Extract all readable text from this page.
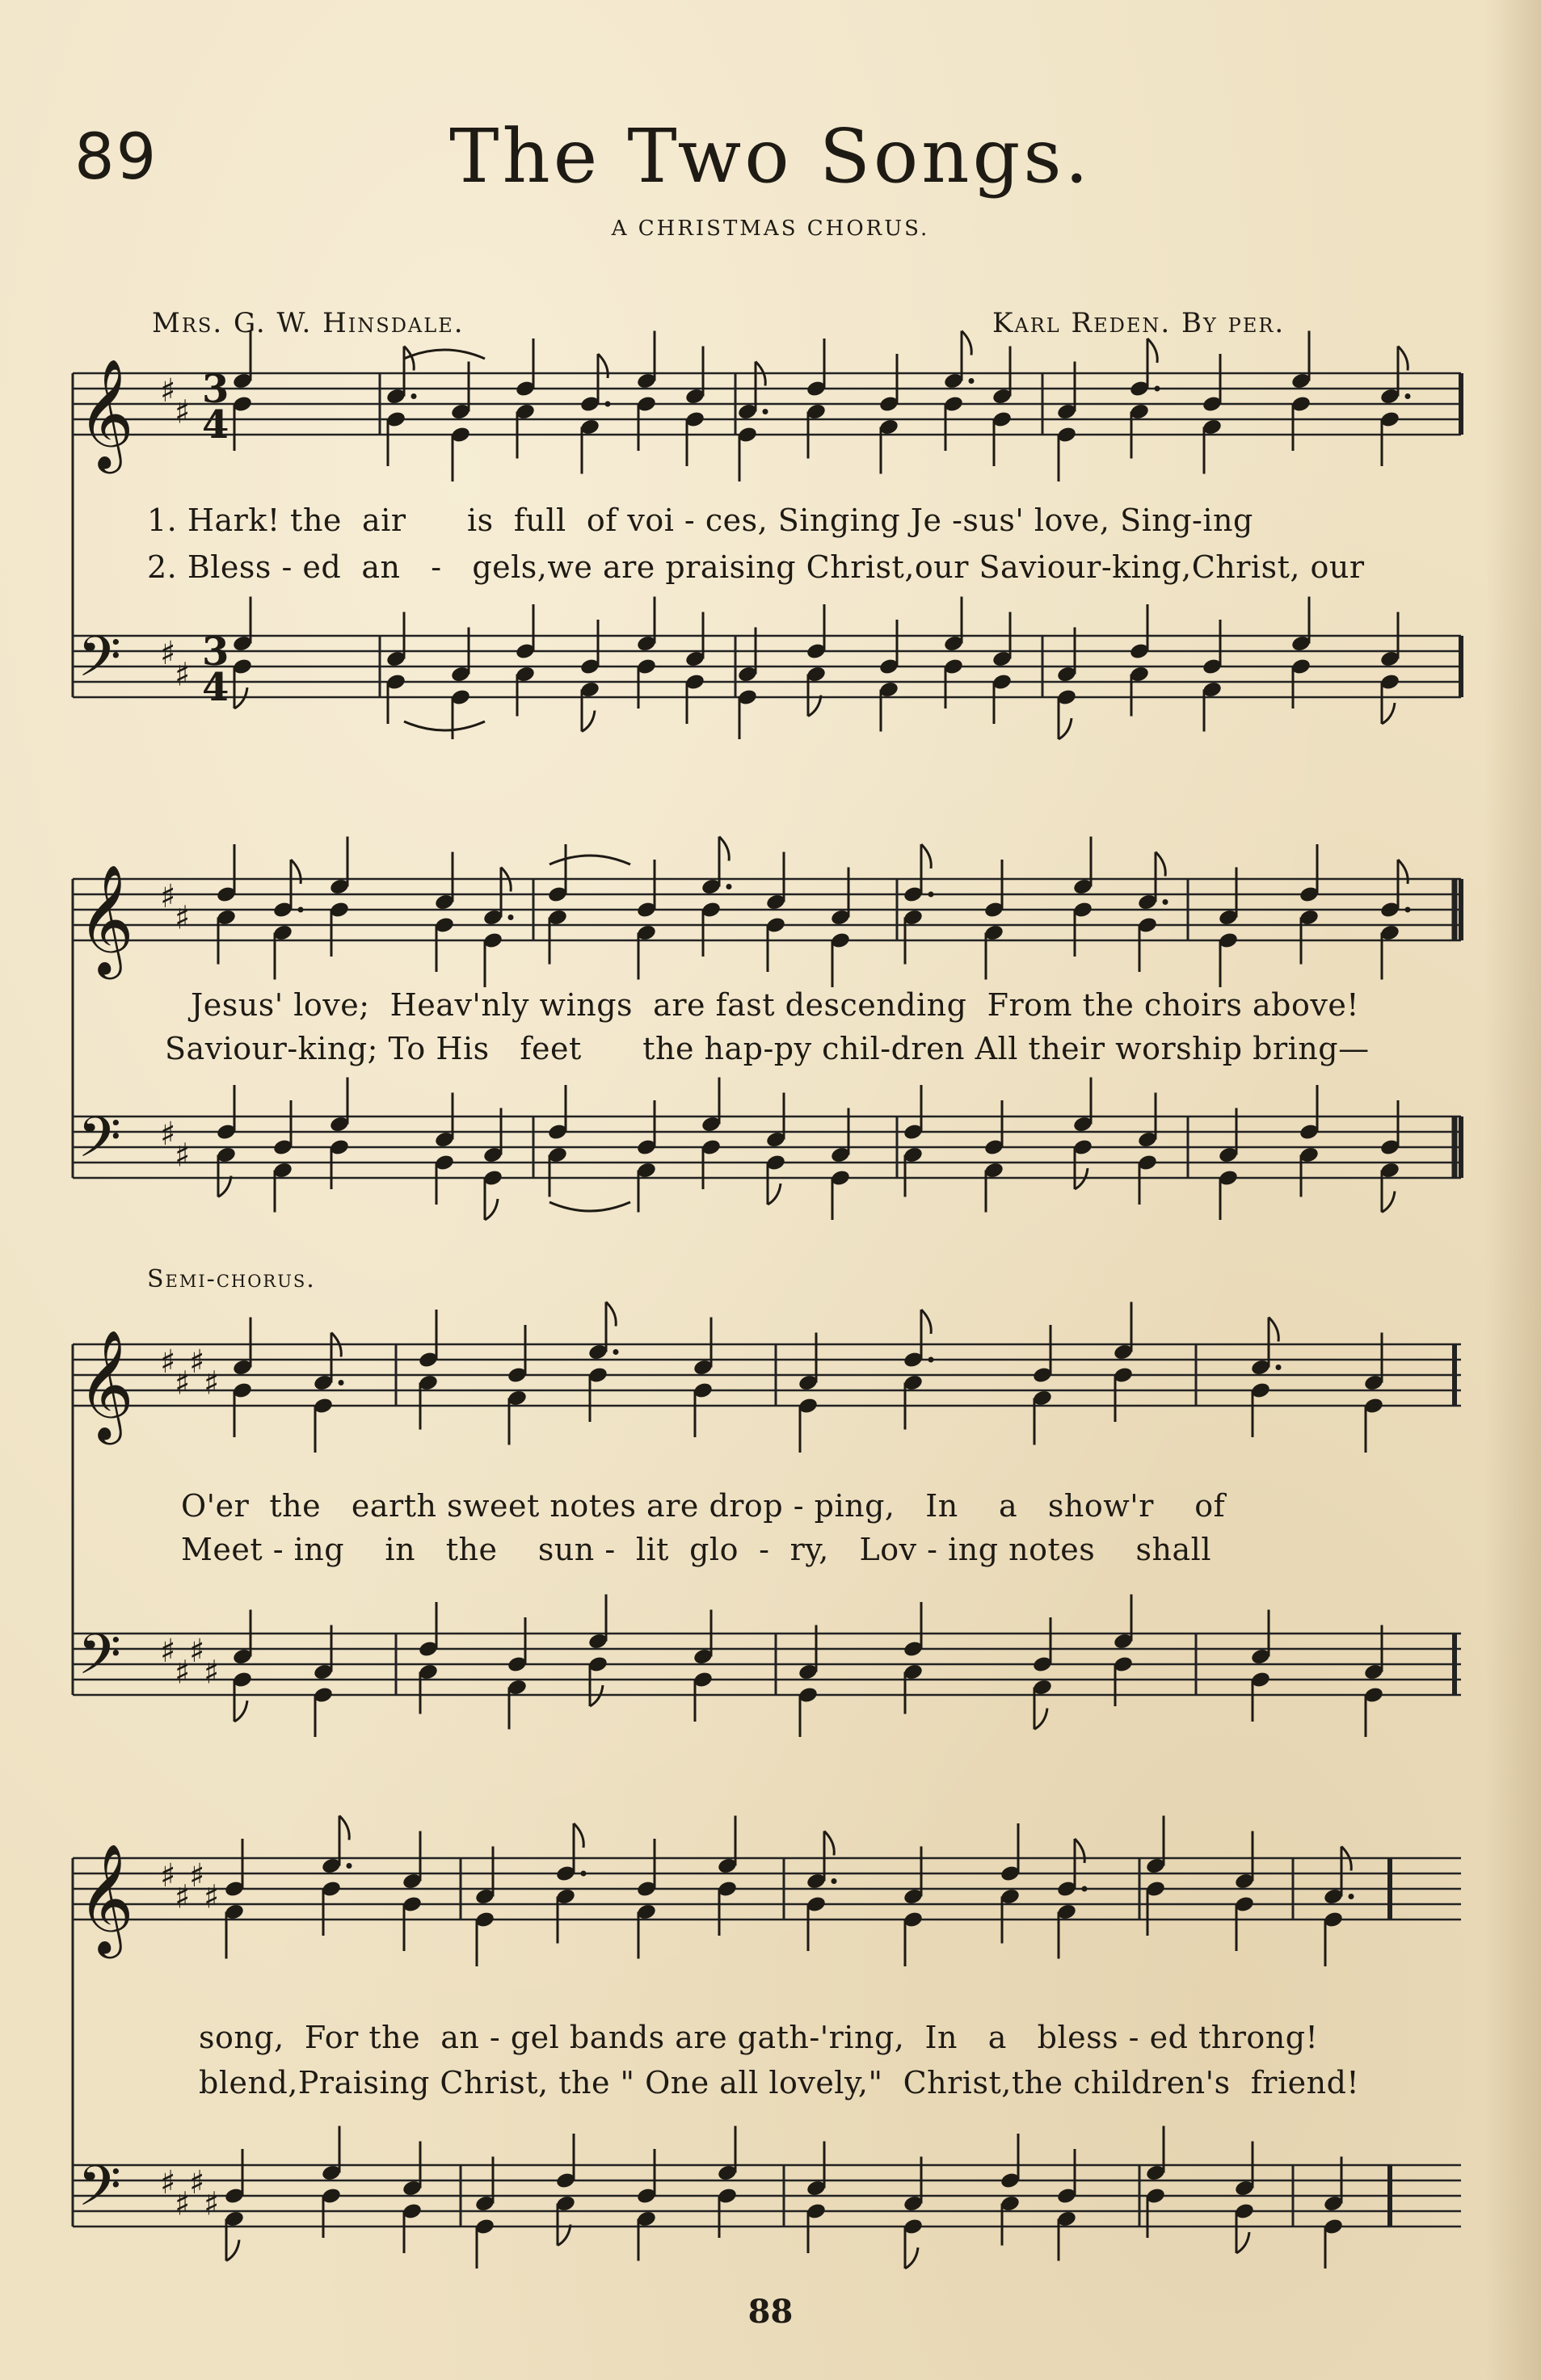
89	The Two Songs.
A CHRISTMAS CHORUS.
Mrs. G. W. Hinsdale.	Karl Reden. By per.
Semi-chorus.
1. Hark! the  air      is  full  of voi - ces, Singing Je -sus' love, Sing-ing
2. Bless - ed  an   -   gels,we are praising Christ,our Saviour-king,Christ, our
Jesus' love;  Heav'nly wings  are fast descending  From the choirs above!
Saviour-king; To His   feet      the hap-py chil-dren All their worship bring—
O'er  the   earth sweet notes are drop - ping,   In    a   show'r    of
Meet - ing    in   the    sun -  lit  glo  -  ry,   Lov - ing notes    shall
song,  For the  an - gel bands are gath-'ring,  In   a   bless - ed throng!
blend,Praising Christ, the " One all lovely,"  Christ,the children's  friend!
88
𝄞 ♯
♯
3
4
𝄢 ♯
♯
3
4
𝄞 ♯
♯
𝄢 ♯
♯
𝄞 ♯
♯
♯
♯
𝄢 ♯
♯
♯
♯
𝄞 ♯
♯
♯
♯
𝄢 ♯
♯
♯
♯
